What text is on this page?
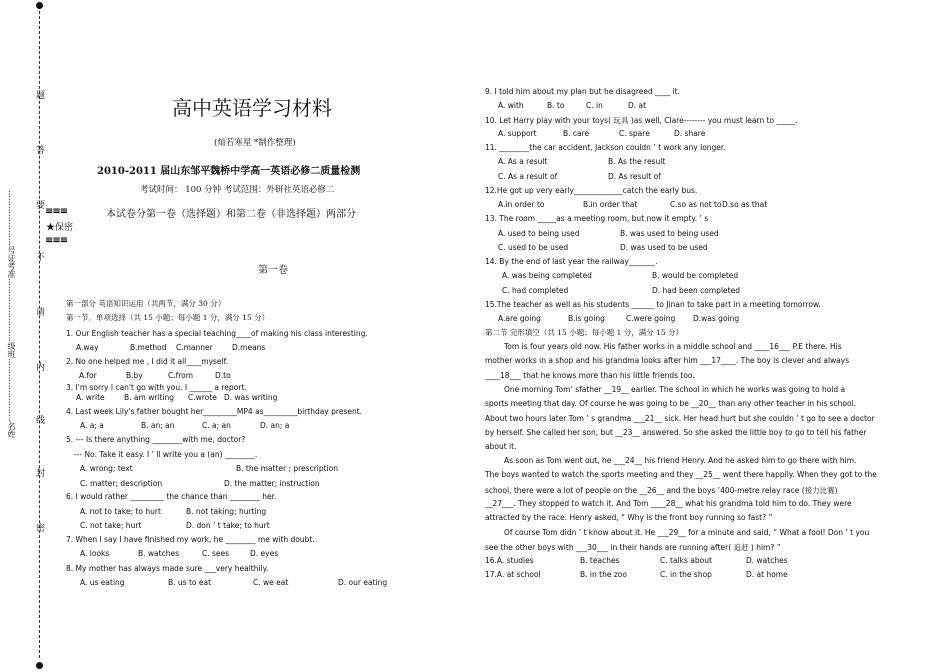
题
答
要
不
请
内
线
封
密
…………………号证考准……………………级班……………………名姓	≡≡≡
★保密
≡≡≡
高中英语学习材料
(灿若寒星 *制作整理)
2010-2011 届山东邹平魏桥中学高一英语必修二质量检测
考试时间： 100 分钟 考试范围：外研社英语必修二
本试卷分第一卷（选择题）和第二卷（非选择题）两部分
第一卷
第一部分 英语知识运用（共两节，满分 30 分）
第一节．单项选择（共 15 小题；每小题 1 分，满分 15 分）
1. Our English teacher has a special teaching____of making his class interesting.
A.way	B.method C.manner	D.means
2. No one helped me , I did it all____myself.
A.for	B.by	C.from	D.to
3. I'm sorry I can't go with you. I ______ a report.
A. write	B. am writing C.wrote D. was writing
4. Last week Lily's father bought her_________MP4 as_________birthday present.
A. a; a	B. an; an	C. a; an	D. an; a
5. --- Is there anything ________with me, doctor?
--- No. Take it easy. I ’ ll write you a (an) ________.
A. wrong; text	B. the matter ; prescription
C. matter; description	D. the matter; instruction
6. I would rather _________ the chance than ________ her.
A. not to take; to hurt	B. not taking; hurting
C. not take; hurt	D. don ’ t take; to hurt
7. When I say I have finished my work, he ________ me with doubt.
A. looks	B. watches	C. sees	D. eyes
8. My mother has always made sure ___very healthily.
A. us eating	B. us to eat	C. we eat	D. our eating
9. I told him about my plan but he disagreed ____ it.
A. with	B. to	C. in	D. at
10. Let Harry play with your toys( 玩具 )as well, Clare-------- you must learn to _____.
A. support	B. care	C. spare	D. share
11. ________the car accident, Jackson couldn ’ t work any longer.
A. As a result	B. As the result
C. As a result of	D. As result of
12.He got up very early_____________catch the early bus.
A.in order to	B.in order that	C.so as not to D.so as that
13. The room _____as a meeting room, but now it empty. ’ s
A. used to being used	B. was used to being used
C. used to be used	D. was used to be used
14. By the end of last year the railway_______.
A. was being completed	B. would be completed
C. had completed	D. had been completed
15.The teacher as well as his students ______ to Jinan to take part in a meeting tomorrow.
A.are going	B.is going	C.were going D.was going
第二节 完形填空（共 15 小题；每小题 1 分，满分 15 分）
Tom is four years old now. His father works in a middle school and ____16___ P.E there. His
mother works in a shop and his grandma looks after him ___17____. The boy is clever and always
____18___ that he knows more than his little friends too.
One morning Tom’ sfather __19__ earlier. The school in which he works was going to hold a
sports meeting that day. Of course he was going to be __20__ than any other teacher in his school.
About two hours later Tom ’ s grandma ___21__ sick. Her head hurt but she couldn ’ t go to see a doctor
by herself. She called her son, but __23__ answered. So she asked the little boy to go to tell his father
about it.
As soon as Tom went out, he ___24__ his friend Henry. And he asked him to go there with him.
The boys wanted to watch the sports meeting and they __25__ went there happily. When they got to the
school, there were a lot of people on the __26__ and the boys ’400-metre relay race (接力比赛)
__27___. They stopped to watch it. And Tom ____28__ what his grandma told him to do. They were
attracted by the race. Henry asked, “ Why is the front boy running so fast? ”
Of course Tom didn ’ t know about it. He ___29__ for a minute and said, “ What a fool! Don ’ t you
see the other boys with ___30___ in their hands are running after( 追赶 ) him? ”
16.A. studies	B. teaches	C. talks about	D. watches
17.A. at school	B. in the zoo	C. in the shop	D. at home
